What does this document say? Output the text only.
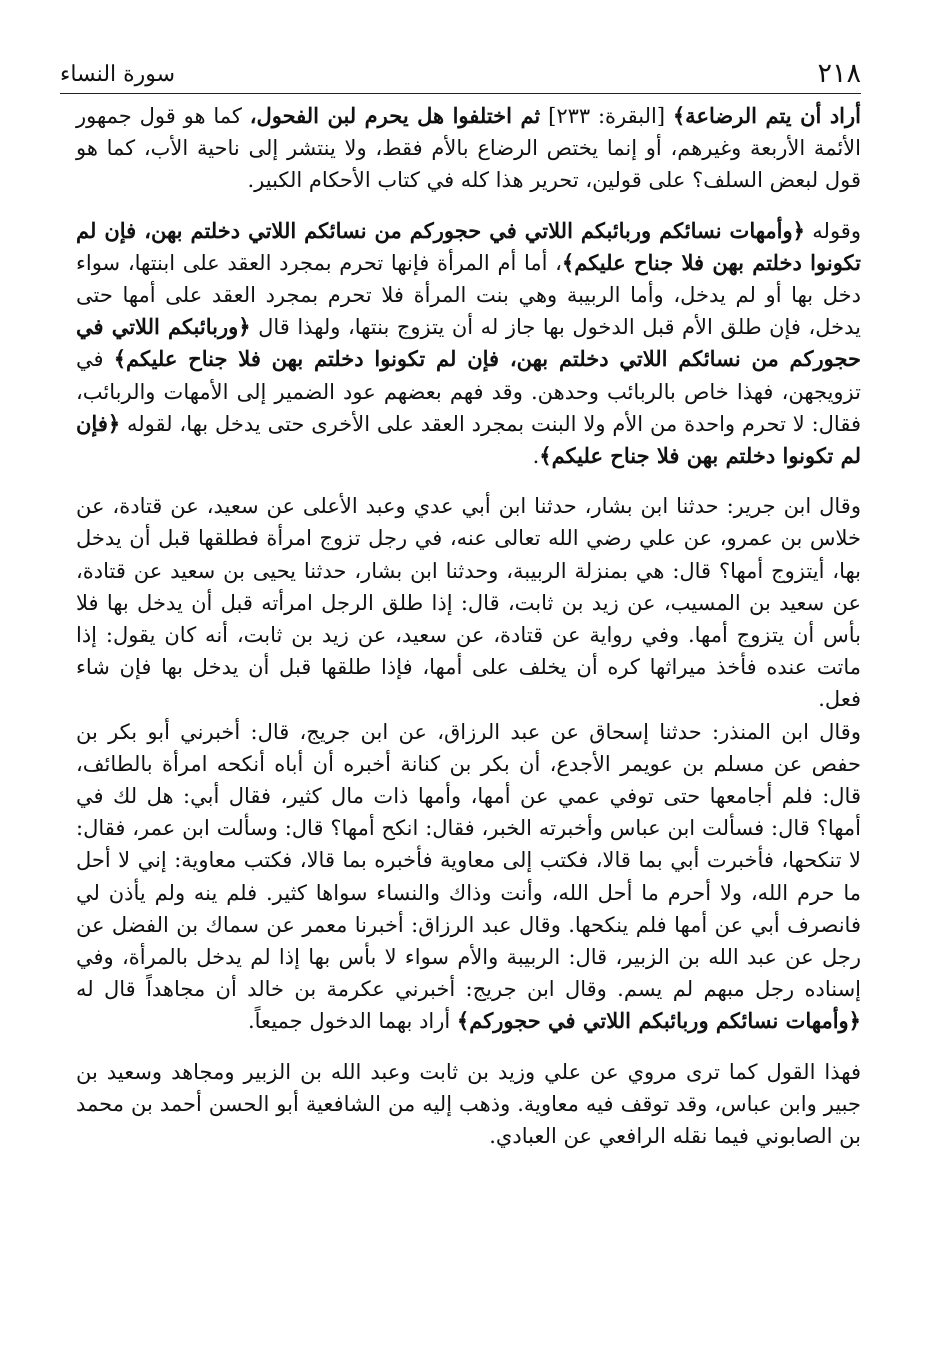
٢١٨
سورة النساء

أراد أن يتم الرضاعة﴾ [البقرة: ٢٣٣] ثم اختلفوا هل يحرم لبن الفحول، كما هو قول جمهور الأئمة الأربعة وغيرهم، أو إنما يختص الرضاع بالأم فقط، ولا ينتشر إلى ناحية الأب، كما هو قول لبعض السلف؟ على قولين، تحرير هذا كله في كتاب الأحكام الكبير.

وقوله ﴿وأمهات نسائكم وربائبكم اللاتي في حجوركم من نسائكم اللاتي دخلتم بهن، فإن لم تكونوا دخلتم بهن فلا جناح عليكم﴾، أما أم المرأة فإنها تحرم بمجرد العقد على ابنتها، سواء دخل بها أو لم يدخل، وأما الربيبة وهي بنت المرأة فلا تحرم بمجرد العقد على أمها حتى يدخل، فإن طلق الأم قبل الدخول بها جاز له أن يتزوج بنتها، ولهذا قال ﴿وربائبكم اللاتي في حجوركم من نسائكم اللاتي دخلتم بهن، فإن لم تكونوا دخلتم بهن فلا جناح عليكم﴾ في تزويجهن، فهذا خاص بالربائب وحدهن. وقد فهم بعضهم عود الضمير إلى الأمهات والربائب، فقال: لا تحرم واحدة من الأم ولا البنت بمجرد العقد على الأخرى حتى يدخل بها، لقوله ﴿فإن لم تكونوا دخلتم بهن فلا جناح عليكم﴾.

وقال ابن جرير: حدثنا ابن بشار، حدثنا ابن أبي عدي وعبد الأعلى عن سعيد، عن قتادة، عن خلاس بن عمرو، عن علي رضي الله تعالى عنه، في رجل تزوج امرأة فطلقها قبل أن يدخل بها، أيتزوج أمها؟ قال: هي بمنزلة الربيبة، وحدثنا ابن بشار، حدثنا يحيى بن سعيد عن قتادة، عن سعيد بن المسيب، عن زيد بن ثابت، قال: إذا طلق الرجل امرأته قبل أن يدخل بها فلا بأس أن يتزوج أمها. وفي رواية عن قتادة، عن سعيد، عن زيد بن ثابت، أنه كان يقول: إذا ماتت عنده فأخذ ميراثها كره أن يخلف على أمها، فإذا طلقها قبل أن يدخل بها فإن شاء فعل.

وقال ابن المنذر: حدثنا إسحاق عن عبد الرزاق، عن ابن جريج، قال: أخبرني أبو بكر بن حفص عن مسلم بن عويمر الأجدع، أن بكر بن كنانة أخبره أن أباه أنكحه امرأة بالطائف، قال: فلم أجامعها حتى توفي عمي عن أمها، وأمها ذات مال كثير، فقال أبي: هل لك في أمها؟ قال: فسألت ابن عباس وأخبرته الخبر، فقال: انكح أمها؟ قال: وسألت ابن عمر، فقال: لا تنكحها، فأخبرت أبي بما قالا، فكتب إلى معاوية فأخبره بما قالا، فكتب معاوية: إني لا أحل ما حرم الله، ولا أحرم ما أحل الله، وأنت وذاك والنساء سواها كثير. فلم ينه ولم يأذن لي فانصرف أبي عن أمها فلم ينكحها. وقال عبد الرزاق: أخبرنا معمر عن سماك بن الفضل عن رجل عن عبد الله بن الزبير، قال: الربيبة والأم سواء لا بأس بها إذا لم يدخل بالمرأة، وفي إسناده رجل مبهم لم يسم. وقال ابن جريج: أخبرني عكرمة بن خالد أن مجاهداً قال له ﴿وأمهات نسائكم وربائبكم اللاتي في حجوركم﴾ أراد بهما الدخول جميعاً.

فهذا القول كما ترى مروي عن علي وزيد بن ثابت وعبد الله بن الزبير ومجاهد وسعيد بن جبير وابن عباس، وقد توقف فيه معاوية. وذهب إليه من الشافعية أبو الحسن أحمد بن محمد بن الصابوني فيما نقله الرافعي عن العبادي.
